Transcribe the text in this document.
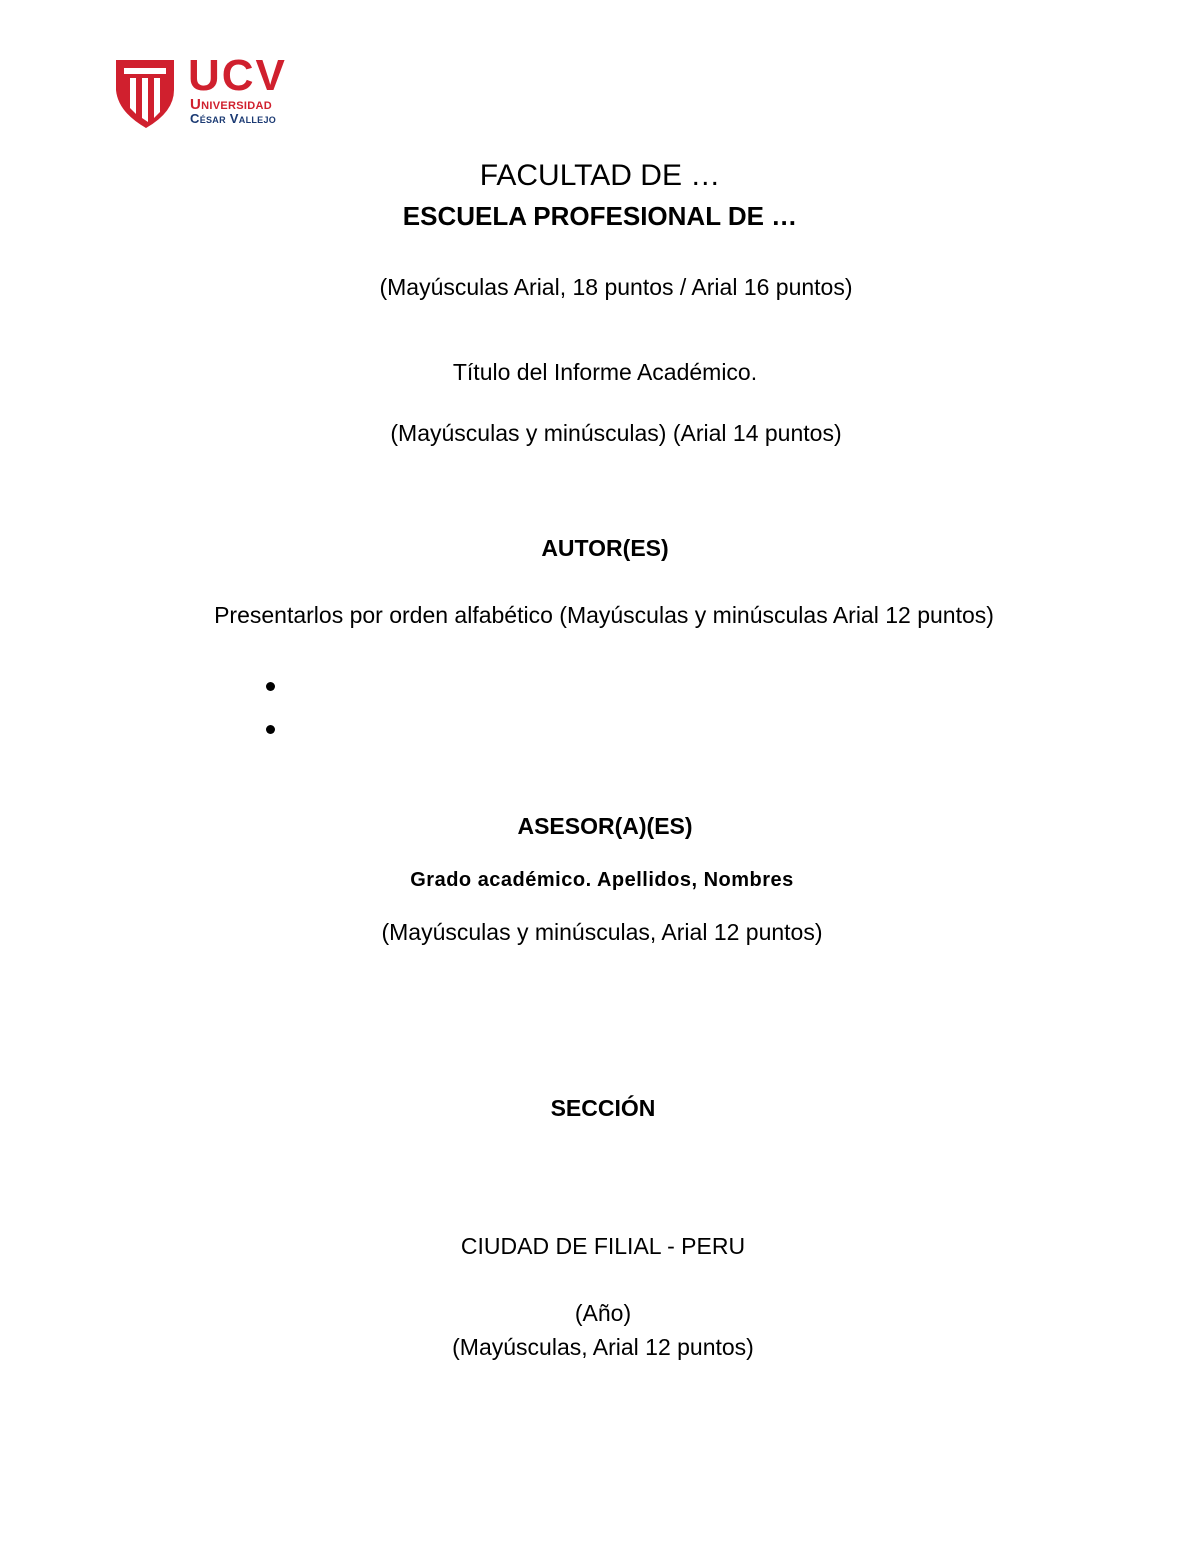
UCV
Universidad
César Vallejo

FACULTAD DE …

ESCUELA PROFESIONAL DE …

(Mayúsculas Arial, 18 puntos / Arial 16 puntos)

Título del Informe Académico.

(Mayúsculas y minúsculas) (Arial 14 puntos)

AUTOR(ES)

Presentarlos por orden alfabético (Mayúsculas y minúsculas Arial 12 puntos)

ASESOR(A)(ES)

Grado académico. Apellidos, Nombres

(Mayúsculas y minúsculas, Arial 12 puntos)

SECCIÓN

CIUDAD DE FILIAL - PERU

(Año)

(Mayúsculas, Arial 12 puntos)
